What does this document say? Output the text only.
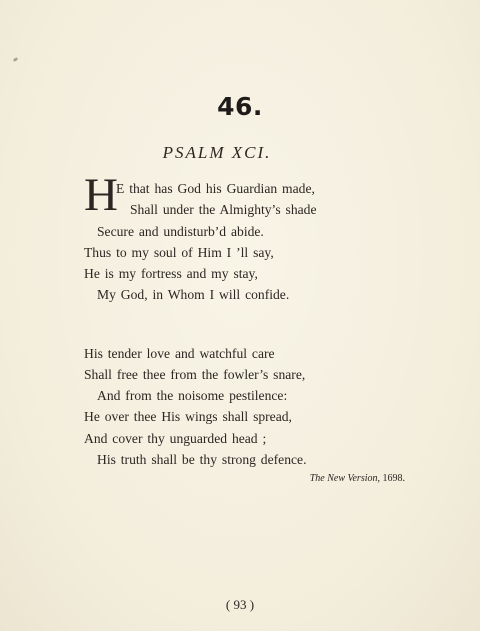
46.
PSALM XCI.
H
E that has God his Guardian made,
Shall under the Almighty’s shade
Secure and undisturb’d abide.
Thus to my soul of Him I ’ll say,
He is my fortress and my stay,
My God, in Whom I will confide.
His tender love and watchful care
Shall free thee from the fowler’s snare,
And from the noisome pestilence:
He over thee His wings shall spread,
And cover thy unguarded head ;
His truth shall be thy strong defence.
The New Version, 1698.
( 93 )
